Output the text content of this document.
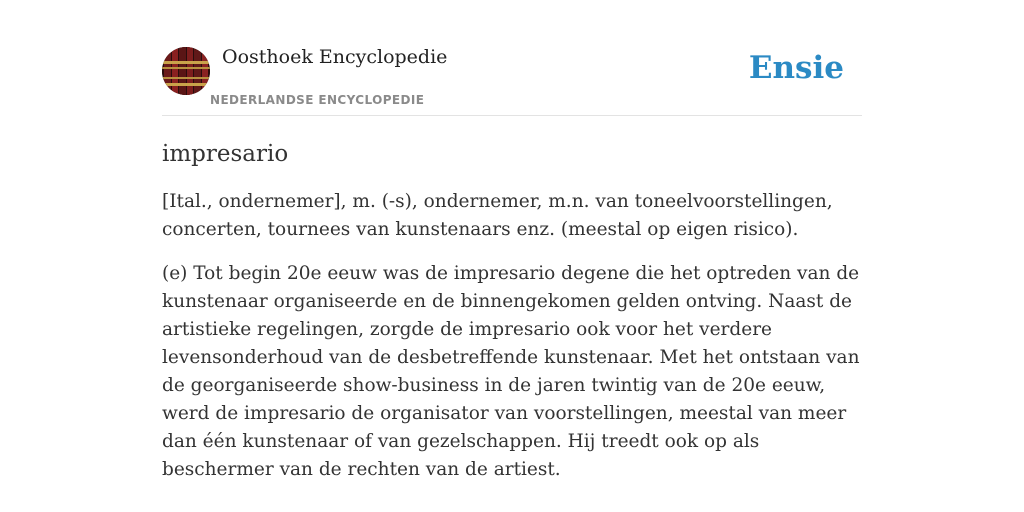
Oosthoek Encyclopedie
NEDERLANDSE ENCYCLOPEDIE
Ensie
impresario

[Ital., ondernemer], m. (-s), ondernemer, m.n. van toneelvoorstellingen, concerten, tournees van kunstenaars enz. (meestal op eigen risico).

(e) Tot begin 20e eeuw was de impresario degene die het optreden van de kunstenaar organiseerde en de binnengekomen gelden ontving. Naast de artistieke regelingen, zorgde de impresario ook voor het verdere levensonderhoud van de desbetreffende kunstenaar. Met het ontstaan van de georganiseerde show-business in de jaren twintig van de 20e eeuw, werd de impresario de organisator van voorstellingen, meestal van meer dan één kunstenaar of van gezelschappen. Hij treedt ook op als beschermer van de rechten van de artiest.
